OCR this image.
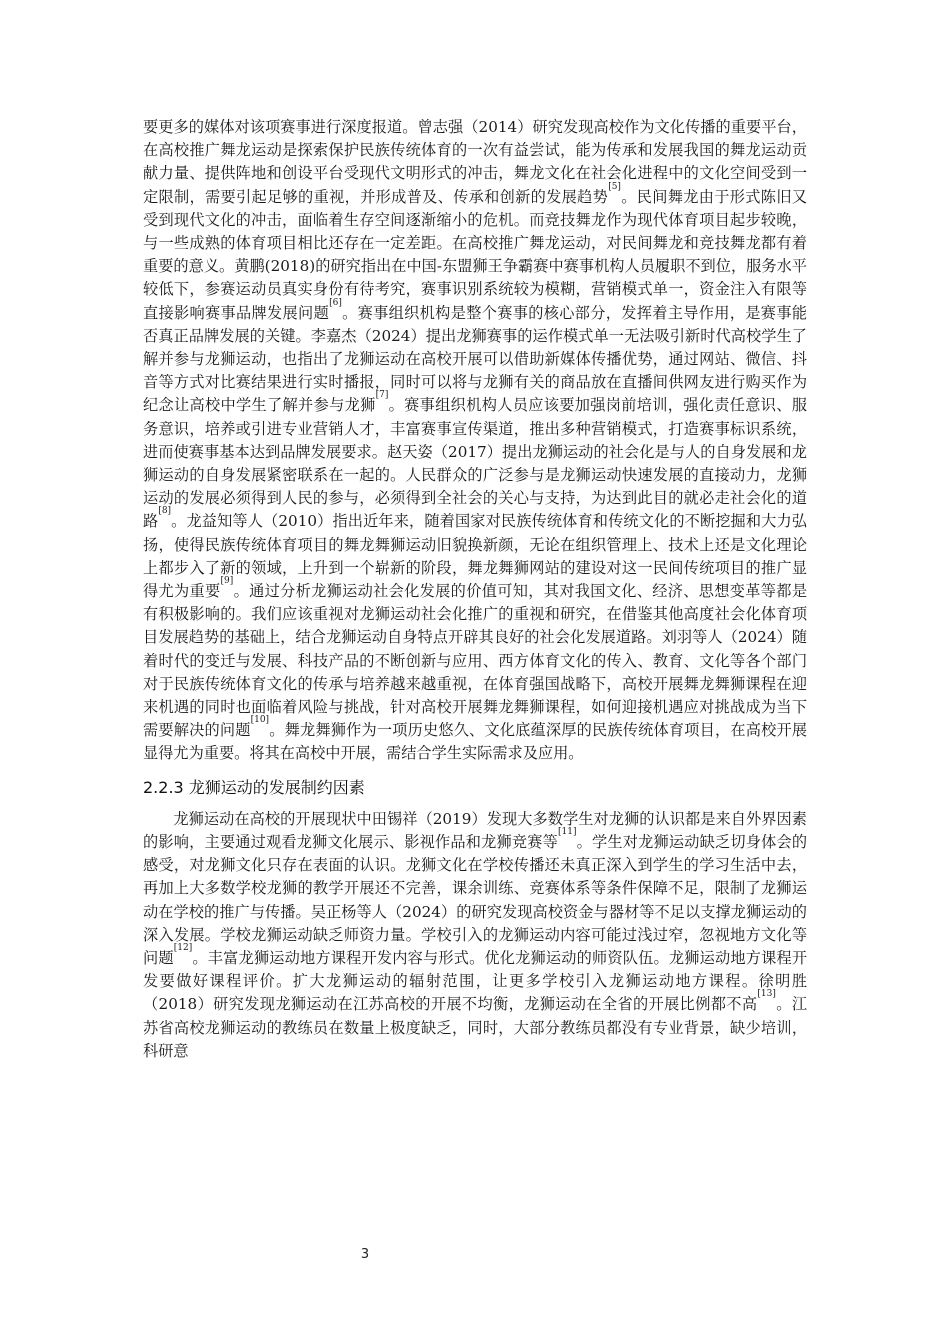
要更多的媒体对该项赛事进行深度报道。曾志强（2014）研究发现高校作为文化传播的重要平台，在高校推广舞龙运动是探索保护民族传统体育的一次有益尝试，能为传承和发展我国的舞龙运动贡献力量、提供阵地和创设平台受现代文明形式的冲击，舞龙文化在社会化进程中的文化空间受到一定限制，需要引起足够的重视，并形成普及、传承和创新的发展趋势[5]。民间舞龙由于形式陈旧又受到现代文化的冲击，面临着生存空间逐渐缩小的危机。而竞技舞龙作为现代体育项目起步较晚，与一些成熟的体育项目相比还存在一定差距。在高校推广舞龙运动，对民间舞龙和竞技舞龙都有着重要的意义。黄鹏(2018)的研究指出在中国-东盟狮王争霸赛中赛事机构人员履职不到位，服务水平较低下，参赛运动员真实身份有待考究，赛事识别系统较为模糊，营销模式单一，资金注入有限等直接影响赛事品牌发展问题[6]。赛事组织机构是整个赛事的核心部分，发挥着主导作用，是赛事能否真正品牌发展的关键。李嘉杰（2024）提出龙狮赛事的运作模式单一无法吸引新时代高校学生了解并参与龙狮运动，也指出了龙狮运动在高校开展可以借助新媒体传播优势，通过网站、微信、抖音等方式对比赛结果进行实时播报，同时可以将与龙狮有关的商品放在直播间供网友进行购买作为纪念让高校中学生了解并参与龙狮[7]。赛事组织机构人员应该要加强岗前培训，强化责任意识、服务意识，培养或引进专业营销人才，丰富赛事宣传渠道，推出多种营销模式，打造赛事标识系统，进而使赛事基本达到品牌发展要求。赵天姿（2017）提出龙狮运动的社会化是与人的自身发展和龙狮运动的自身发展紧密联系在一起的。人民群众的广泛参与是龙狮运动快速发展的直接动力，龙狮运动的发展必须得到人民的参与，必须得到全社会的关心与支持，为达到此目的就必走社会化的道路[8]。龙益知等人（2010）指出近年来，随着国家对民族传统体育和传统文化的不断挖掘和大力弘扬，使得民族传统体育项目的舞龙舞狮运动旧貌换新颜，无论在组织管理上、技术上还是文化理论上都步入了新的领域，上升到一个崭新的阶段，舞龙舞狮网站的建设对这一民间传统项目的推广显得尤为重要[9]。通过分析龙狮运动社会化发展的价值可知，其对我国文化、经济、思想变革等都是有积极影响的。我们应该重视对龙狮运动社会化推广的重视和研究，在借鉴其他高度社会化体育项目发展趋势的基础上，结合龙狮运动自身特点开辟其良好的社会化发展道路。刘羽等人（2024）随着时代的变迁与发展、科技产品的不断创新与应用、西方体育文化的传入、教育、文化等各个部门对于民族传统体育文化的传承与培养越来越重视，在体育强国战略下，高校开展舞龙舞狮课程在迎来机遇的同时也面临着风险与挑战，针对高校开展舞龙舞狮课程，如何迎接机遇应对挑战成为当下需要解决的问题[10]。舞龙舞狮作为一项历史悠久、文化底蕴深厚的民族传统体育项目，在高校开展显得尤为重要。将其在高校中开展，需结合学生实际需求及应用。

2.2.3 龙狮运动的发展制约因素

龙狮运动在高校的开展现状中田锡祥（2019）发现大多数学生对龙狮的认识都是来自外界因素的影响，主要通过观看龙狮文化展示、影视作品和龙狮竞赛等[11]。学生对龙狮运动缺乏切身体会的感受，对龙狮文化只存在表面的认识。龙狮文化在学校传播还未真正深入到学生的学习生活中去，再加上大多数学校龙狮的教学开展还不完善，课余训练、竞赛体系等条件保障不足，限制了龙狮运动在学校的推广与传播。吴正杨等人（2024）的研究发现高校资金与器材等不足以支撑龙狮运动的深入发展。学校龙狮运动缺乏师资力量。学校引入的龙狮运动内容可能过浅过窄，忽视地方文化等问题[12]。丰富龙狮运动地方课程开发内容与形式。优化龙狮运动的师资队伍。龙狮运动地方课程开发要做好课程评价。扩大龙狮运动的辐射范围，让更多学校引入龙狮运动地方课程。徐明胜（2018）研究发现龙狮运动在江苏高校的开展不均衡，龙狮运动在全省的开展比例都不高[13]。江苏省高校龙狮运动的教练员在数量上极度缺乏，同时，大部分教练员都没有专业背景，缺少培训，科研意

3
